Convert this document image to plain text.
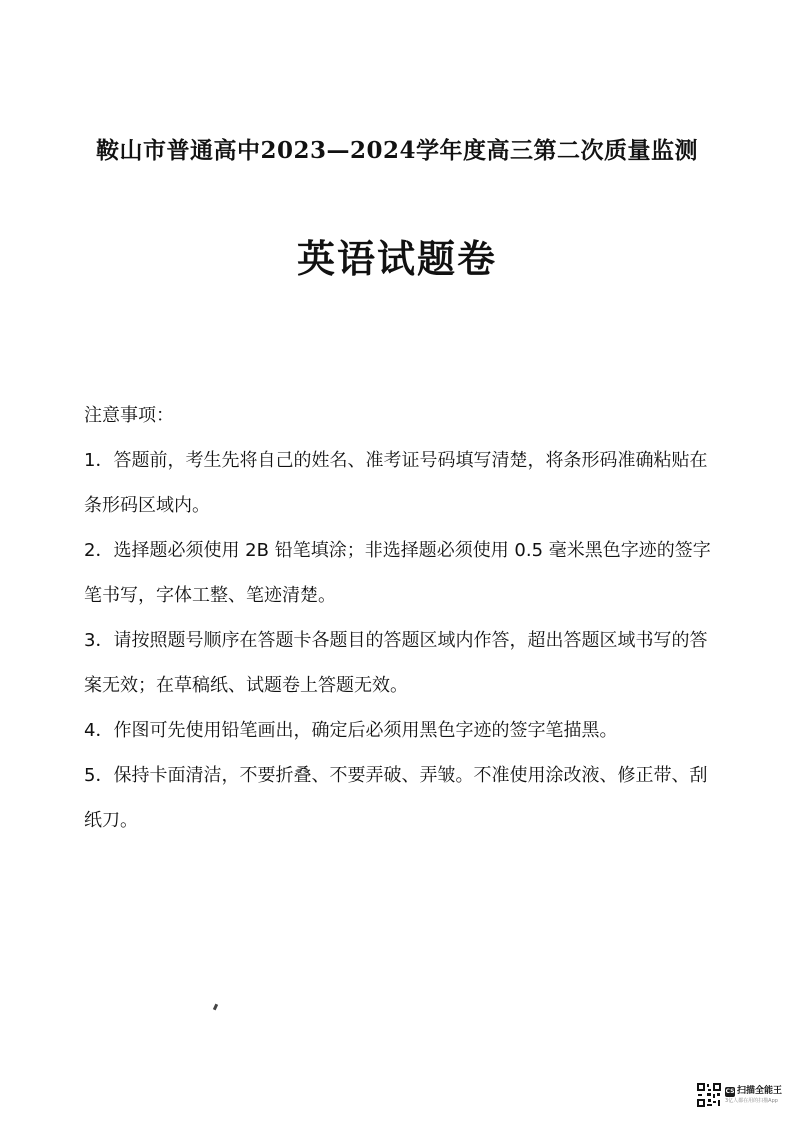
鞍山市普通高中2023—2024学年度高三第二次质量监测
英语试题卷

注意事项：

1．答题前，考生先将自己的姓名、准考证号码填写清楚，将条形码准确粘贴在条形码区域内。

2．选择题必须使用 2B 铅笔填涂；非选择题必须使用 0.5 毫米黑色字迹的签字笔书写，字体工整、笔迹清楚。

3．请按照题号顺序在答题卡各题目的答题区域内作答，超出答题区域书写的答案无效；在草稿纸、试题卷上答题无效。

4．作图可先使用铅笔画出，确定后必须用黑色字迹的签字笔描黑。

5．保持卡面清洁，不要折叠、不要弄破、弄皱。不准使用涂改液、修正带、刮纸刀。

CS 扫描全能王
3亿人都在用的扫描App
